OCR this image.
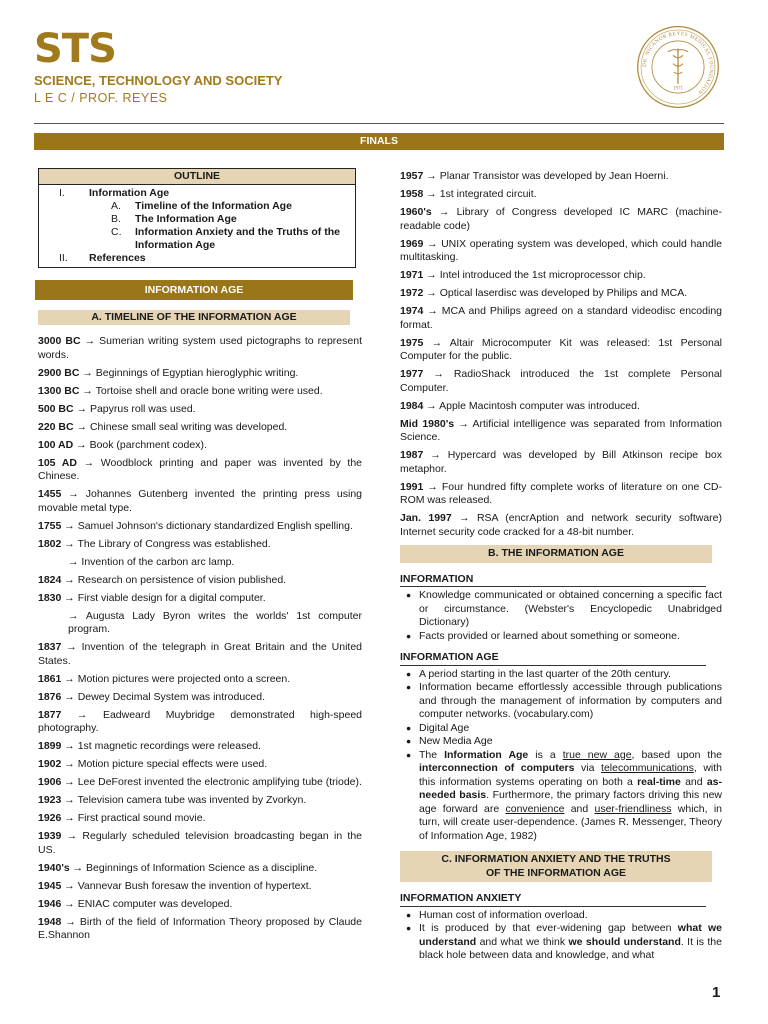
STS
SCIENCE, TECHNOLOGY AND SOCIETY
L E C / PROF. REYES
DR. NICANOR REYES MEDICAL FOUNDATION
1971
FINALS
OUTLINE
I.	Information Age
A.	Timeline of the Information Age
B.	The Information Age
C.	Information Anxiety and the Truths of the Information Age
II.	References
INFORMATION AGE
A. TIMELINE OF THE INFORMATION AGE

3000 BC → Sumerian writing system used pictographs to represent words.

2900 BC → Beginnings of Egyptian hieroglyphic writing.

1300 BC → Tortoise shell and oracle bone writing were used.

500 BC → Papyrus roll was used.

220 BC → Chinese small seal writing was developed.

100 AD → Book (parchment codex).

105 AD → Woodblock printing and paper was invented by the Chinese.

1455 → Johannes Gutenberg invented the printing press using movable metal type.

1755 → Samuel Johnson's dictionary standardized English spelling.

1802 → The Library of Congress was established.

→ Invention of the carbon arc lamp.

1824 → Research on persistence of vision published.

1830 → First viable design for a digital computer.

→ Augusta Lady Byron writes the worlds' 1st computer program.

1837 → Invention of the telegraph in Great Britain and the United States.

1861 → Motion pictures were projected onto a screen.

1876 → Dewey Decimal System was introduced.

1877 → Eadweard Muybridge demonstrated high-speed photography.

1899 → 1st magnetic recordings were released.

1902 → Motion picture special effects were used.

1906 → Lee DeForest invented the electronic amplifying tube (triode).

1923 → Television camera tube was invented by Zvorkyn.

1926 → First practical sound movie.

1939 → Regularly scheduled television broadcasting began in the US.

1940's → Beginnings of Information Science as a discipline.

1945 → Vannevar Bush foresaw the invention of hypertext.

1946 → ENIAC computer was developed.

1948 → Birth of the field of Information Theory proposed by Claude E.Shannon

1957 → Planar Transistor was developed by Jean Hoerni.

1958 → 1st integrated circuit.

1960's → Library of Congress developed IC MARC (machine-readable code)

1969 → UNIX operating system was developed, which could handle multitasking.

1971 → Intel introduced the 1st microprocessor chip.

1972 → Optical laserdisc was developed by Philips and MCA.

1974 → MCA and Philips agreed on a standard videodisc encoding format.

1975 → Altair Microcomputer Kit was released: 1st Personal Computer for the public.

1977 → RadioShack introduced the 1st complete Personal Computer.

1984 → Apple Macintosh computer was introduced.

Mid 1980's → Artificial intelligence was separated from Information Science.

1987 → Hypercard was developed by Bill Atkinson recipe box metaphor.

1991 → Four hundred fifty complete works of literature on one CD-ROM was released.

Jan. 1997 → RSA (encrAption and network security software) Internet security code cracked for a 48-bit number.

B. THE INFORMATION AGE
INFORMATION
● Knowledge communicated or obtained concerning a specific fact or circumstance. (Webster's Encyclopedic Unabridged Dictionary)
● Facts provided or learned about something or someone.
INFORMATION AGE
● A period starting in the last quarter of the 20th century.
● Information became effortlessly accessible through publications and through the management of information by computers and computer networks. (vocabulary.com)
● Digital Age
● New Media Age
● The Information Age is a true new age, based upon the interconnection of computers via telecommunications, with this information systems operating on both a real-time and as-needed basis. Furthermore, the primary factors driving this new age forward are convenience and user-friendliness which, in turn, will create user-dependence. (James R. Messenger, Theory of Information Age, 1982)
C. INFORMATION ANXIETY AND THE TRUTHS OF THE INFORMATION AGE
INFORMATION ANXIETY
● Human cost of information overload.
● It is produced by that ever-widening gap between what we understand and what we think we should understand. It is the black hole between data and knowledge, and what
1
